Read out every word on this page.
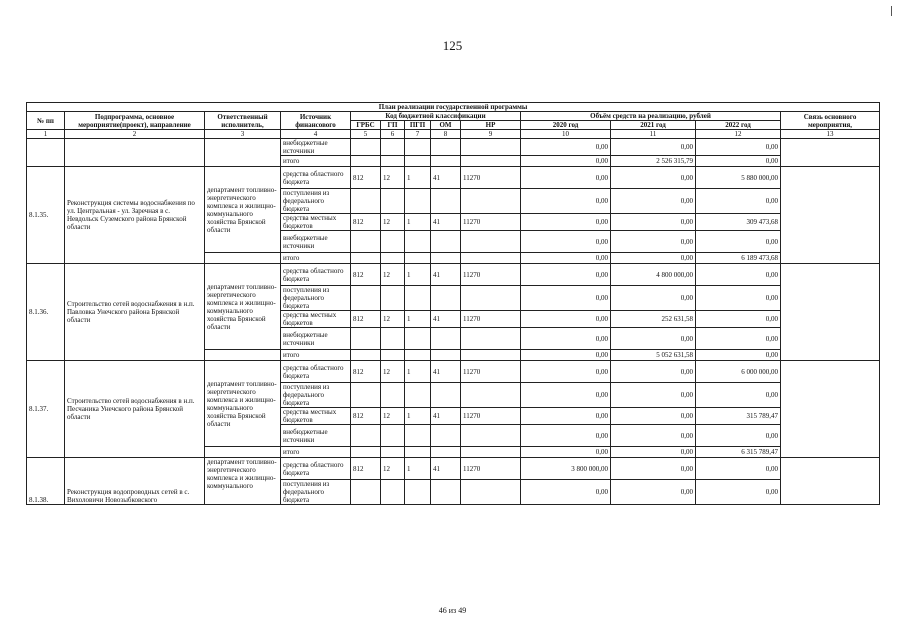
125
План реализации государственной программы												
№ пп	Подпрограмма, основное мероприятие(проект), направление	Ответственный исполнитель,	Источник финансового	Код бюджетной классификации					Объём средств на реализацию, рублей			Связь основного мероприятия,
				ГРБС	ГП	ПГП	ОМ	НР	2020 год	2021 год	2022 год	
1	2	3	4	5	6	7	8	9	10	11	12	13
			внебюджетные источники						0,00	0,00	0,00	
			итого						0,00	2 526 315,79	0,00	
8.1.35.	Реконструкция системы водоснабжения по ул. Центральная - ул. Заречная в с. Невдольск Суземского района Брянской области	департамент топливно-энергетического комплекса и жилищно-коммунального хозяйства Брянской области	средства областного бюджета	812	12	1	41	11270	0,00	0,00	5 880 000,00	
			поступления из федерального бюджета						0,00	0,00	0,00	
			средства местных бюджетов	812	12	1	41	11270	0,00	0,00	309 473,68	
			внебюджетные источники						0,00	0,00	0,00	
			итого						0,00	0,00	6 189 473,68	
8.1.36.	Строительство сетей водоснабжения в н.п. Павловка Унечского района Брянской области	департамент топливно-энергетического комплекса и жилищно-коммунального хозяйства Брянской области	средства областного бюджета	812	12	1	41	11270	0,00	4 800 000,00	0,00	
			поступления из федерального бюджета						0,00	0,00	0,00	
			средства местных бюджетов	812	12	1	41	11270	0,00	252 631,58	0,00	
			внебюджетные источники						0,00	0,00	0,00	
			итого						0,00	5 052 631,58	0,00	
8.1.37.	Строительство сетей водоснабжения в н.п. Песчаника Унечского района Брянской области	департамент топливно-энергетического комплекса и жилищно-коммунального хозяйства Брянской области	средства областного бюджета	812	12	1	41	11270	0,00	0,00	6 000 000,00	
			поступления из федерального бюджета						0,00	0,00	0,00	
			средства местных бюджетов	812	12	1	41	11270	0,00	0,00	315 789,47	
			внебюджетные источники						0,00	0,00	0,00	
			итого						0,00	0,00	6 315 789,47	
8.1.38.	Реконструкция водопроводных сетей в с. Вихоловичи Новозыбковского	департамент топливно-энергетического комплекса и жилищно-коммунального	средства областного бюджета	812	12	1	41	11270	3 800 000,00	0,00	0,00	
			поступления из федерального бюджета						0,00	0,00	0,00	
46 из 49
